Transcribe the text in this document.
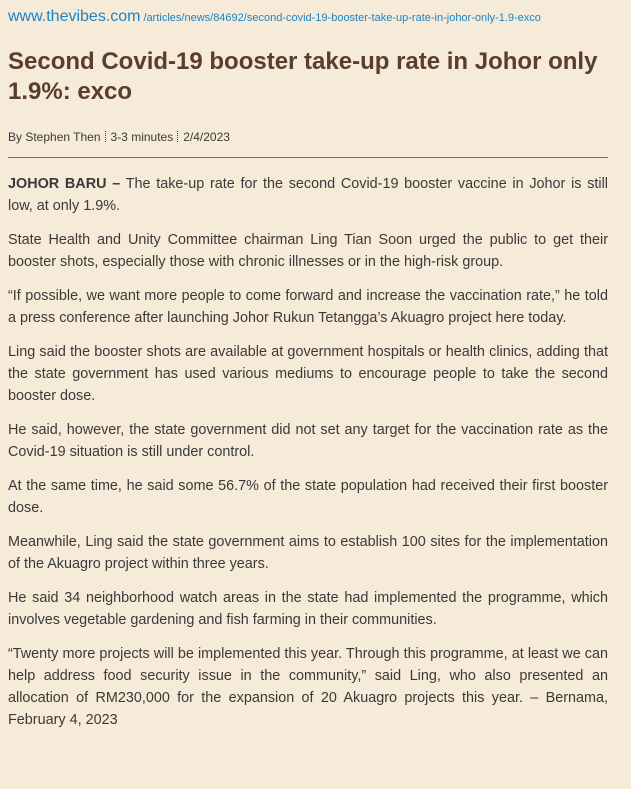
www.thevibes.com /articles/news/84692/second-covid-19-booster-take-up-rate-in-johor-only-1.9-exco
Second Covid-19 booster take-up rate in Johor only 1.9%: exco
By Stephen Then 3-3 minutes 2/4/2023

JOHOR BARU – The take-up rate for the second Covid-19 booster vaccine in Johor is still low, at only 1.9%.

State Health and Unity Committee chairman Ling Tian Soon urged the public to get their booster shots, especially those with chronic illnesses or in the high-risk group.

“If possible, we want more people to come forward and increase the vaccination rate,” he told a press conference after launching Johor Rukun Tetangga’s Akuagro project here today.

Ling said the booster shots are available at government hospitals or health clinics, adding that the state government has used various mediums to encourage people to take the second booster dose.

He said, however, the state government did not set any target for the vaccination rate as the Covid-19 situation is still under control.

At the same time, he said some 56.7% of the state population had received their first booster dose.

Meanwhile, Ling said the state government aims to establish 100 sites for the implementation of the Akuagro project within three years.

He said 34 neighborhood watch areas in the state had implemented the programme, which involves vegetable gardening and fish farming in their communities.

“Twenty more projects will be implemented this year. Through this programme, at least we can help address food security issue in the community,” said Ling, who also presented an allocation of RM230,000 for the expansion of 20 Akuagro projects this year. – Bernama, February 4, 2023
